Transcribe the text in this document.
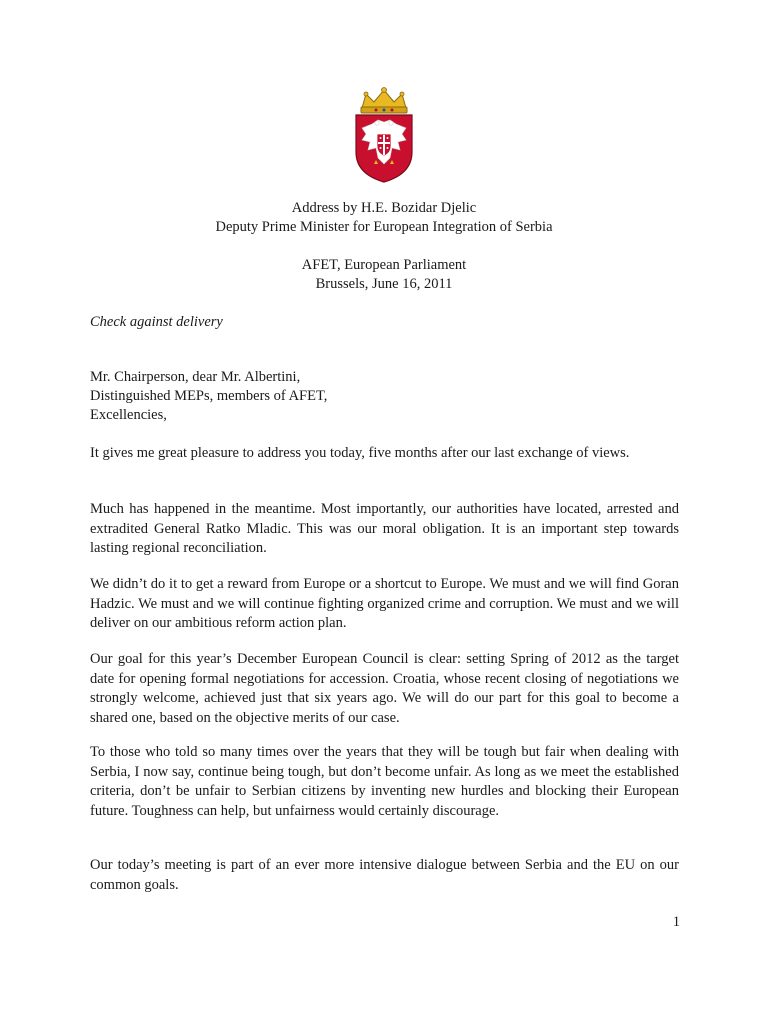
Address by H.E. Bozidar Djelic
Deputy Prime Minister for European Integration of Serbia
AFET, European Parliament
Brussels, June 16, 2011
Check against delivery
Mr. Chairperson, dear Mr. Albertini,
Distinguished MEPs, members of AFET,
Excellencies,

It gives me great pleasure to address you today, five months after our last exchange of views.

Much has happened in the meantime. Most importantly, our authorities have located, arrested and extradited General Ratko Mladic. This was our moral obligation. It is an important step towards lasting regional reconciliation.

We didn’t do it to get a reward from Europe or a shortcut to Europe. We must and we will find Goran Hadzic. We must and we will continue fighting organized crime and corruption. We must and we will deliver on our ambitious reform action plan.

Our goal for this year’s December European Council is clear: setting Spring of 2012 as the target date for opening formal negotiations for accession. Croatia, whose recent closing of negotiations we strongly welcome, achieved just that six years ago. We will do our part for this goal to become a shared one, based on the objective merits of our case.

To those who told so many times over the years that they will be tough but fair when dealing with Serbia, I now say, continue being tough, but don’t become unfair. As long as we meet the established criteria, don’t be unfair to Serbian citizens by inventing new hurdles and blocking their European future. Toughness can help, but unfairness would certainly discourage.

Our today’s meeting is part of an ever more intensive dialogue between Serbia and the EU on our common goals.

1
